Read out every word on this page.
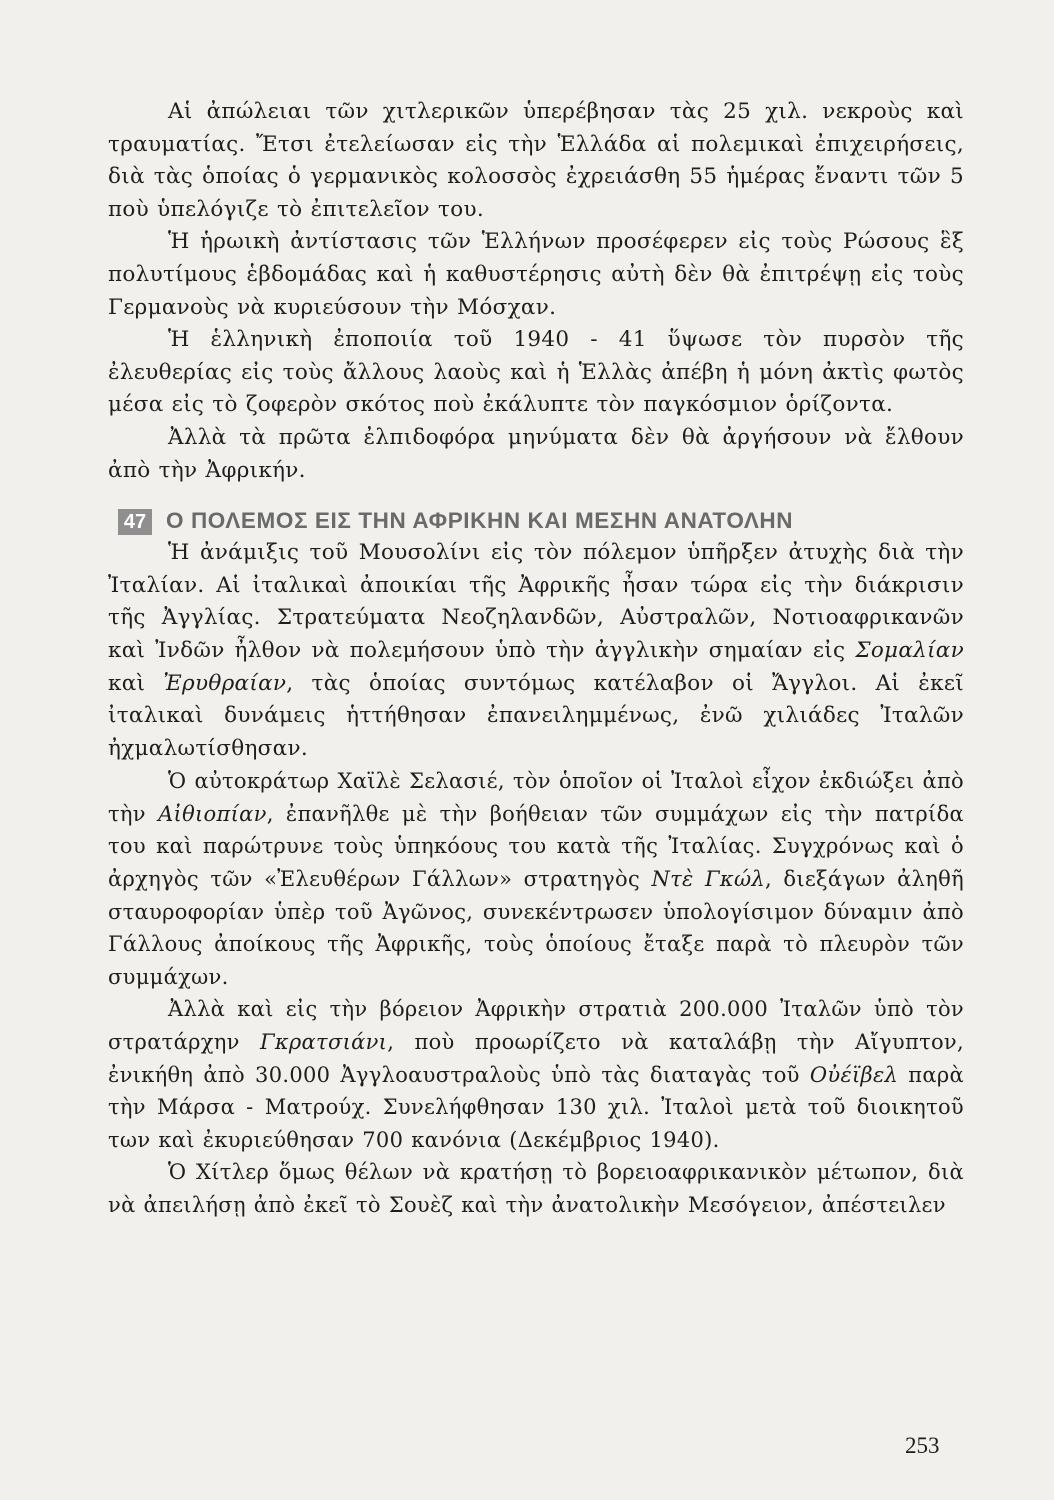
Αἱ ἀπώλειαι τῶν χιτλερικῶν ὑπερέβησαν τὰς 25 χιλ. νεκροὺς καὶ τραυματίας. Ἔτσι ἐτελείωσαν εἰς τὴν Ἑλλάδα αἱ πολεμικαὶ ἐπιχειρήσεις, διὰ τὰς ὁποίας ὁ γερμανικὸς κολοσσὸς ἐχρειάσθη 55 ἡμέρας ἔναντι τῶν 5 ποὺ ὑπελόγιζε τὸ ἐπιτελεῖον του.

Ἡ ἡρωικὴ ἀντίστασις τῶν Ἑλλήνων προσέφερεν εἰς τοὺς Ρώσους ἓξ πολυτίμους ἑβδομάδας καὶ ἡ καθυστέρησις αὐτὴ δὲν θὰ ἐπιτρέψῃ εἰς τοὺς Γερμανοὺς νὰ κυριεύσουν τὴν Μόσχαν.

Ἡ ἑλληνικὴ ἐποποιία τοῦ 1940 - 41 ὕψωσε τὸν πυρσὸν τῆς ἐλευθερίας εἰς τοὺς ἄλλους λαοὺς καὶ ἡ Ἑλλὰς ἀπέβη ἡ μόνη ἀκτὶς φωτὸς μέσα εἰς τὸ ζοφερὸν σκότος ποὺ ἐκάλυπτε τὸν παγκόσμιον ὁρίζοντα.

Ἀλλὰ τὰ πρῶτα ἐλπιδοφόρα μηνύματα δὲν θὰ ἀργήσουν νὰ ἔλθουν ἀπὸ τὴν Ἀφρικήν.

47 Ο ΠΟΛΕΜΟΣ ΕΙΣ ΤΗΝ ΑΦΡΙΚΗΝ ΚΑΙ ΜΕΣΗΝ ΑΝΑΤΟΛΗΝ

Ἡ ἀνάμιξις τοῦ Μουσολίνι εἰς τὸν πόλεμον ὑπῆρξεν ἀτυχὴς διὰ τὴν Ἰταλίαν. Αἱ ἰταλικαὶ ἀποικίαι τῆς Ἀφρικῆς ἦσαν τώρα εἰς τὴν διάκρισιν τῆς Ἀγγλίας. Στρατεύματα Νεοζηλανδῶν, Αὐστραλῶν, Νοτιοαφρικανῶν καὶ Ἰνδῶν ἦλθον νὰ πολεμήσουν ὑπὸ τὴν ἀγγλικὴν σημαίαν εἰς Σομαλίαν καὶ Ἐρυθραίαν, τὰς ὁποίας συντόμως κατέλαβον οἱ Ἄγγλοι. Αἱ ἐκεῖ ἰταλικαὶ δυνάμεις ἡττήθησαν ἐπανειλημμένως, ἐνῶ χιλιάδες Ἰταλῶν ἠχμαλωτίσθησαν.

Ὁ αὐτοκράτωρ Χαϊλὲ Σελασιέ, τὸν ὁποῖον οἱ Ἰταλοὶ εἶχον ἐκδιώξει ἀπὸ τὴν Αἰθιοπίαν, ἐπανῆλθε μὲ τὴν βοήθειαν τῶν συμμάχων εἰς τὴν πατρίδα του καὶ παρώτρυνε τοὺς ὑπηκόους του κατὰ τῆς Ἰταλίας. Συγχρόνως καὶ ὁ ἀρχηγὸς τῶν «Ἐλευθέρων Γάλλων» στρατηγὸς Ντὲ Γκώλ, διεξάγων ἀληθῆ σταυροφορίαν ὑπὲρ τοῦ Ἀγῶνος, συνεκέντρωσεν ὑπολογίσιμον δύναμιν ἀπὸ Γάλλους ἀποίκους τῆς Ἀφρικῆς, τοὺς ὁποίους ἔταξε παρὰ τὸ πλευρὸν τῶν συμμάχων.

Ἀλλὰ καὶ εἰς τὴν βόρειον Ἀφρικὴν στρατιὰ 200.000 Ἰταλῶν ὑπὸ τὸν στρατάρχην Γκρατσιάνι, ποὺ προωρίζετο νὰ καταλάβῃ τὴν Αἴγυπτον, ἐνικήθη ἀπὸ 30.000 Ἀγγλοαυστραλοὺς ὑπὸ τὰς διαταγὰς τοῦ Οὐέϊβελ παρὰ τὴν Μάρσα - Ματρούχ. Συνελήφθησαν 130 χιλ. Ἰταλοὶ μετὰ τοῦ διοικητοῦ των καὶ ἐκυριεύθησαν 700 κανόνια (Δεκέμβριος 1940).

Ὁ Χίτλερ ὅμως θέλων νὰ κρατήσῃ τὸ βορειοαφρικανικὸν μέτωπον, διὰ νὰ ἀπειλήσῃ ἀπὸ ἐκεῖ τὸ Σουὲζ καὶ τὴν ἀνατολικὴν Μεσόγειον, ἀπέστειλεν

253
